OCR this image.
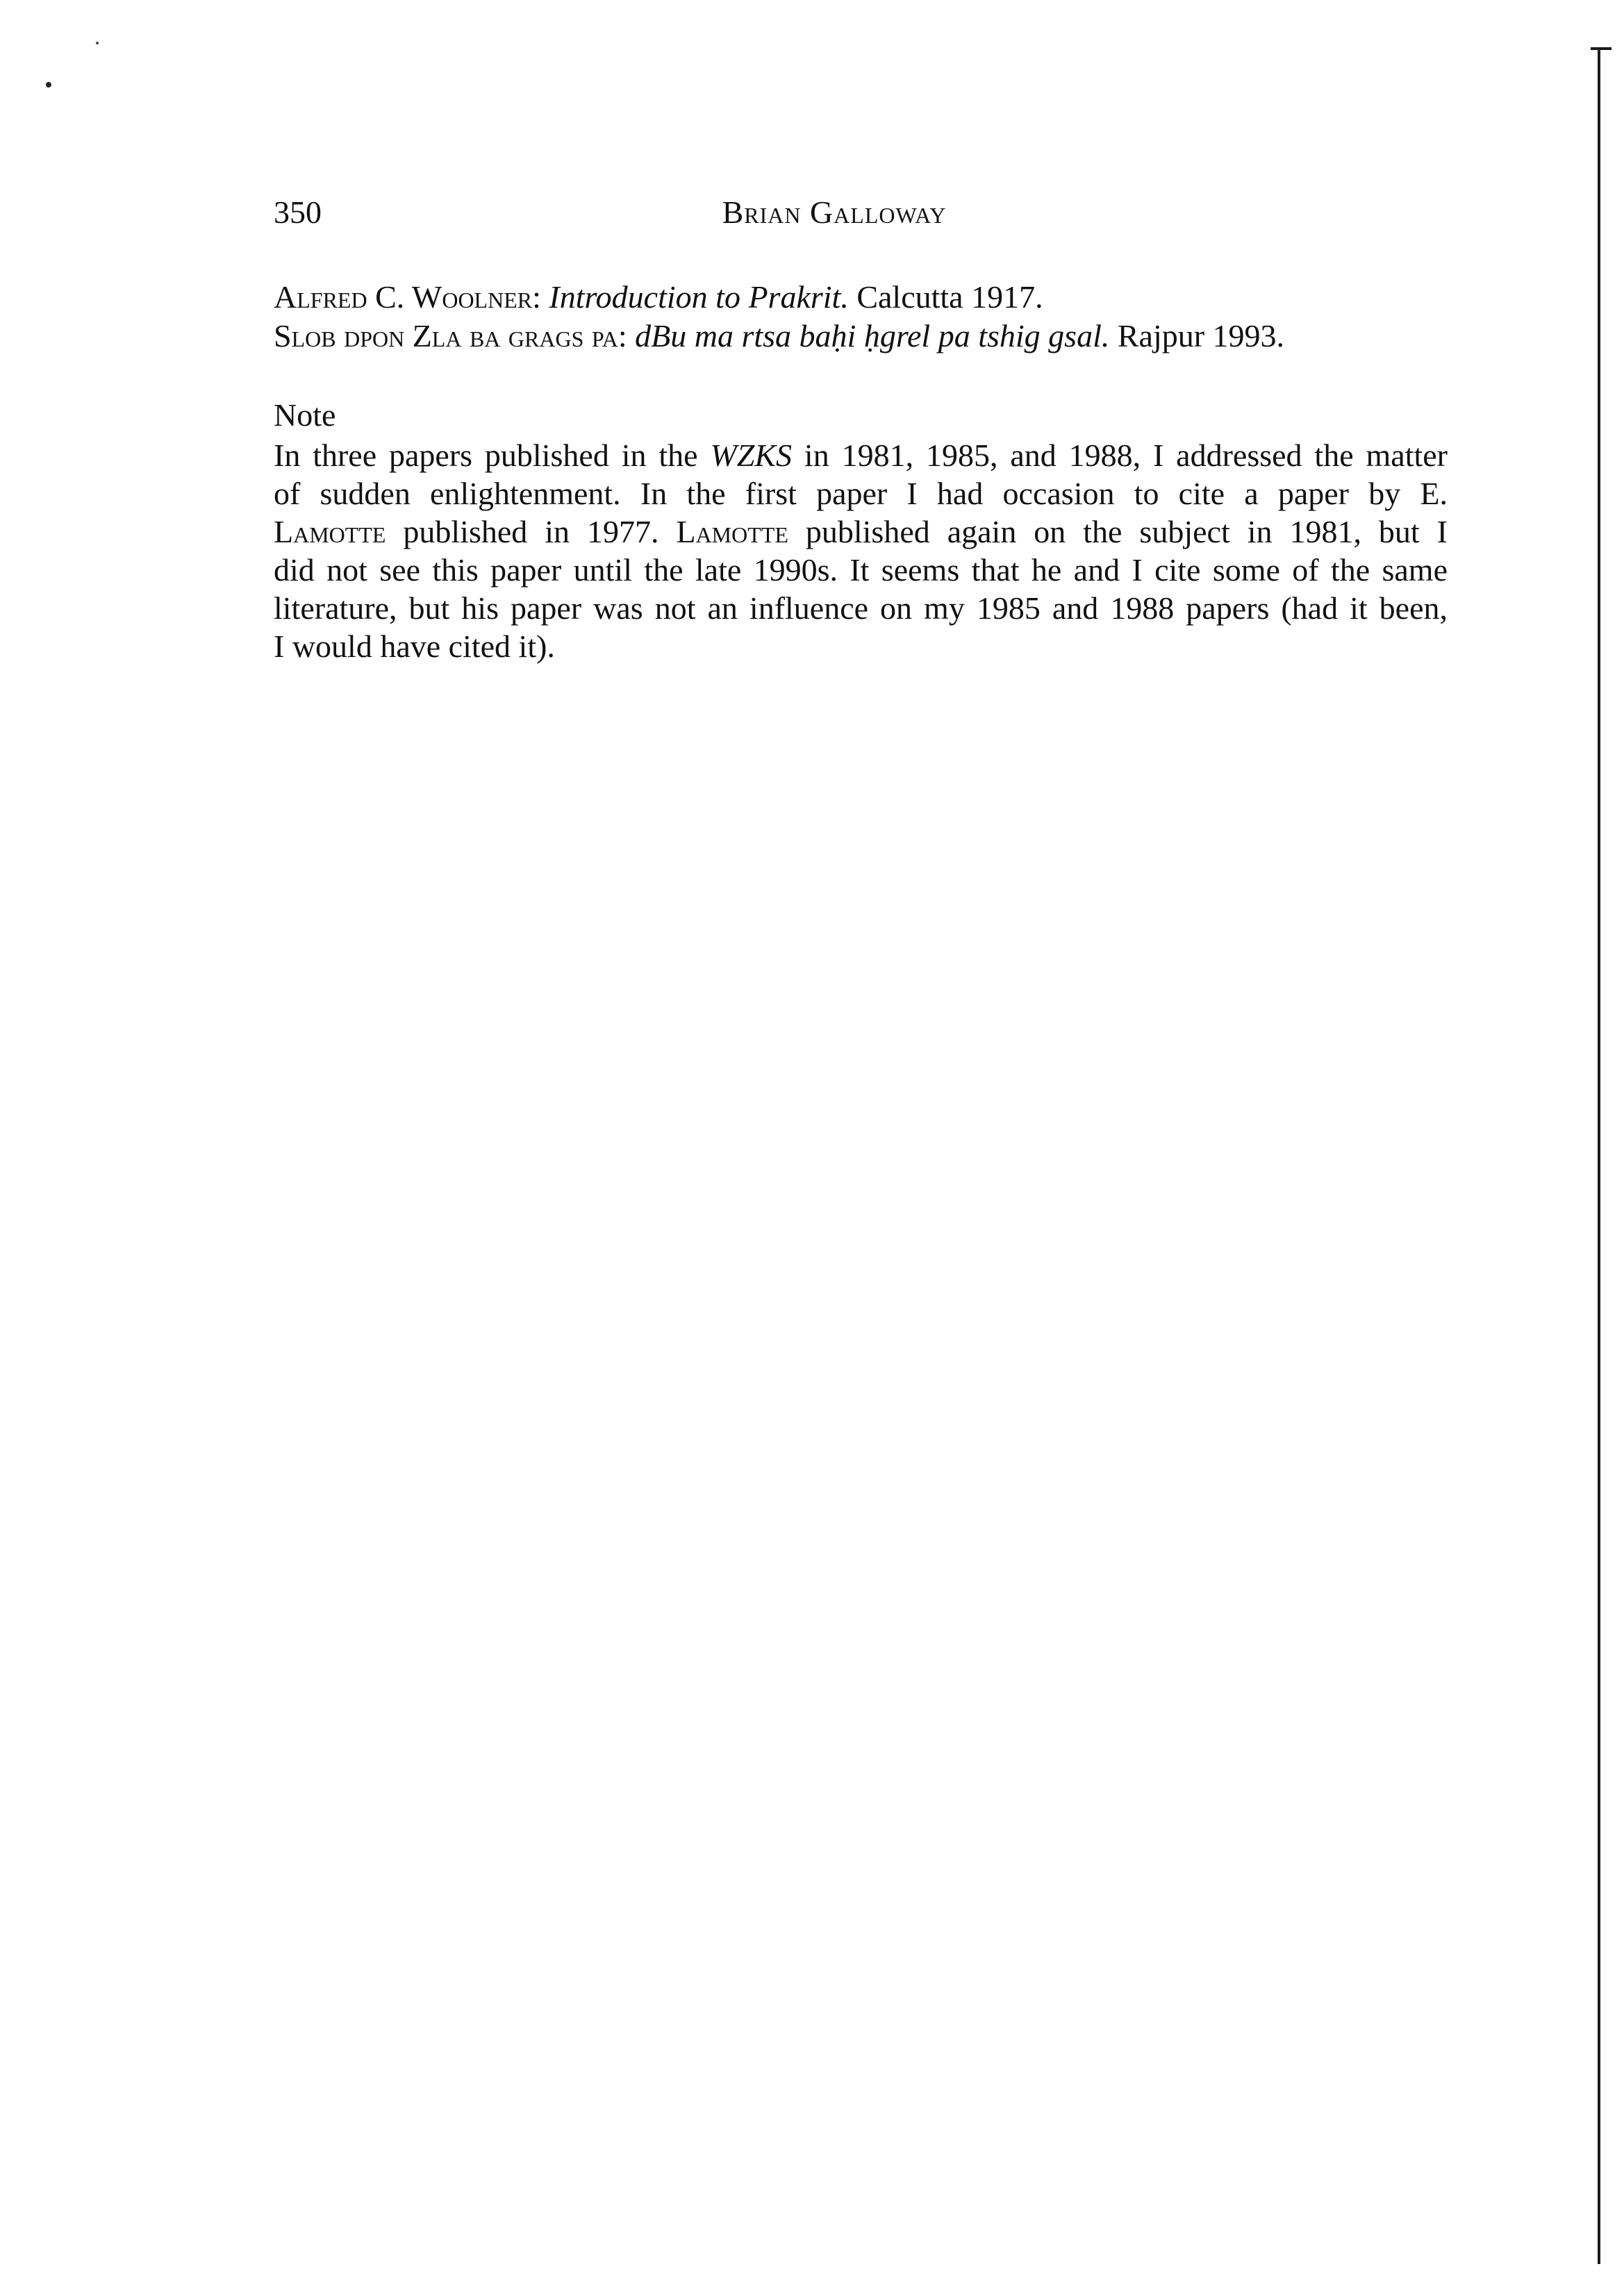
350	Brian Galloway
Alfred C. Woolner: Introduction to Prakrit. Calcutta 1917.
Slob dpon Zla ba grags pa: dBu ma rtsa baḥi ḥgrel pa tshig gsal. Rajpur 1993.
Note
In three papers published in the WZKS in 1981, 1985, and 1988, I addressed the matter
of sudden enlightenment. In the first paper I had occasion to cite a paper by E.
Lamotte published in 1977. Lamotte published again on the subject in 1981, but I
did not see this paper until the late 1990s. It seems that he and I cite some of the same
literature, but his paper was not an influence on my 1985 and 1988 papers (had it been,
I would have cited it).
